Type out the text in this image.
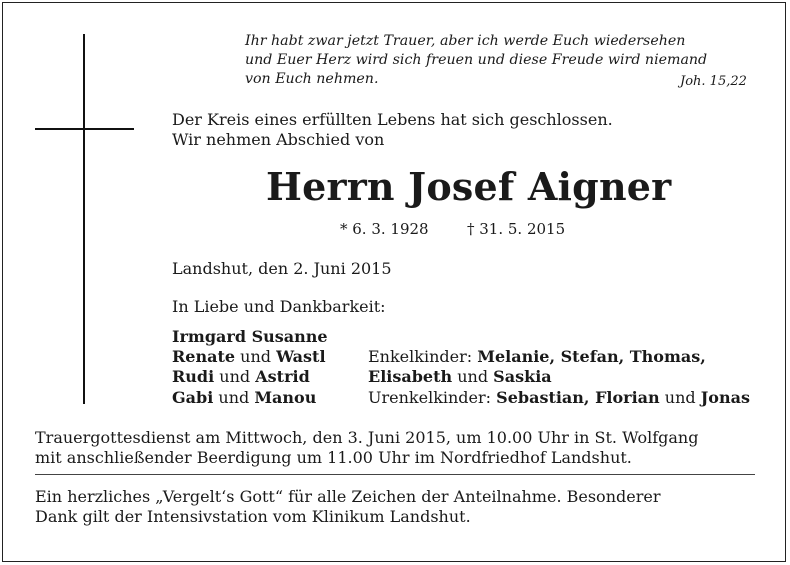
Ihr habt zwar jetzt Trauer, aber ich werde Euch wiedersehen
und Euer Herz wird sich freuen und diese Freude wird niemand
von Euch nehmen.	Joh. 15,22
Der Kreis eines erfüllten Lebens hat sich geschlossen.
Wir nehmen Abschied von
Herrn Josef Aigner
* 6. 3. 1928	† 31. 5. 2015
Landshut, den 2. Juni 2015
In Liebe und Dankbarkeit:
Irmgard Susanne
Renate und Wastl
Rudi und Astrid
Gabi und Manou
Enkelkinder: Melanie, Stefan, Thomas,
Elisabeth und Saskia
Urenkelkinder: Sebastian, Florian und Jonas
Trauergottesdienst am Mittwoch, den 3. Juni 2015, um 10.00 Uhr in St. Wolfgang
mit anschließender Beerdigung um 11.00 Uhr im Nordfriedhof Landshut.
Ein herzliches „Vergelt‘s Gott“ für alle Zeichen der Anteilnahme. Besonderer
Dank gilt der Intensivstation vom Klinikum Landshut.
